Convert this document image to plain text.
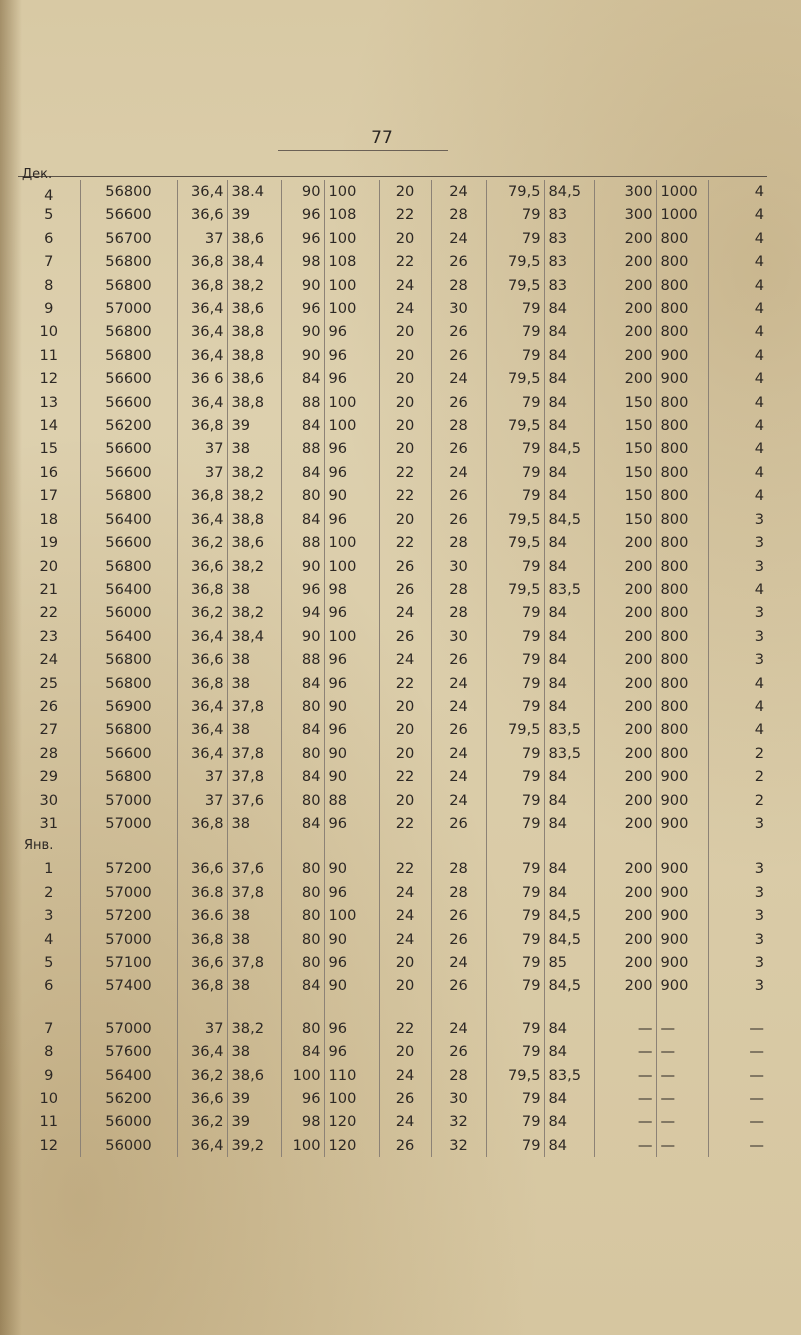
77
Дек.
4	56800	36,4	38.4	90	100	20	24	79,5	84,5	300	1000	4
5	56600	36,6	39	96	108	22	28	79	83	300	1000	4
6	56700	37	38,6	96	100	20	24	79	83	200	800	4
7	56800	36,8	38,4	98	108	22	26	79,5	83	200	800	4
8	56800	36,8	38,2	90	100	24	28	79,5	83	200	800	4
9	57000	36,4	38,6	96	100	24	30	79	84	200	800	4
10	56800	36,4	38,8	90	96	20	26	79	84	200	800	4
11	56800	36,4	38,8	90	96	20	26	79	84	200	900	4
12	56600	36 6	38,6	84	96	20	24	79,5	84	200	900	4
13	56600	36,4	38,8	88	100	20	26	79	84	150	800	4
14	56200	36,8	39	84	100	20	28	79,5	84	150	800	4
15	56600	37	38	88	96	20	26	79	84,5	150	800	4
16	56600	37	38,2	84	96	22	24	79	84	150	800	4
17	56800	36,8	38,2	80	90	22	26	79	84	150	800	4
18	56400	36,4	38,8	84	96	20	26	79,5	84,5	150	800	3
19	56600	36,2	38,6	88	100	22	28	79,5	84	200	800	3
20	56800	36,6	38,2	90	100	26	30	79	84	200	800	3
21	56400	36,8	38	96	98	26	28	79,5	83,5	200	800	4
22	56000	36,2	38,2	94	96	24	28	79	84	200	800	3
23	56400	36,4	38,4	90	100	26	30	79	84	200	800	3
24	56800	36,6	38	88	96	24	26	79	84	200	800	3
25	56800	36,8	38	84	96	22	24	79	84	200	800	4
26	56900	36,4	37,8	80	90	20	24	79	84	200	800	4
27	56800	36,4	38	84	96	20	26	79,5	83,5	200	800	4
28	56600	36,4	37,8	80	90	20	24	79	83,5	200	800	2
29	56800	37	37,8	84	90	22	24	79	84	200	900	2
30	57000	37	37,6	80	88	20	24	79	84	200	900	2
31	57000	36,8	38	84	96	22	26	79	84	200	900	3
Янв.												
1	57200	36,6	37,6	80	90	22	28	79	84	200	900	3
2	57000	36.8	37,8	80	96	24	28	79	84	200	900	3
3	57200	36.6	38	80	100	24	26	79	84,5	200	900	3
4	57000	36,8	38	80	90	24	26	79	84,5	200	900	3
5	57100	36,6	37,8	80	96	20	24	79	85	200	900	3
6	57400	36,8	38	84	90	20	26	79	84,5	200	900	3

7	57000	37	38,2	80	96	22	24	79	84	—	—	—
8	57600	36,4	38	84	96	20	26	79	84	—	—	—
9	56400	36,2	38,6	100	110	24	28	79,5	83,5	—	—	—
10	56200	36,6	39	96	100	26	30	79	84	—	—	—
11	56000	36,2	39	98	120	24	32	79	84	—	—	—
12	56000	36,4	39,2	100	120	26	32	79	84	—	—	—
